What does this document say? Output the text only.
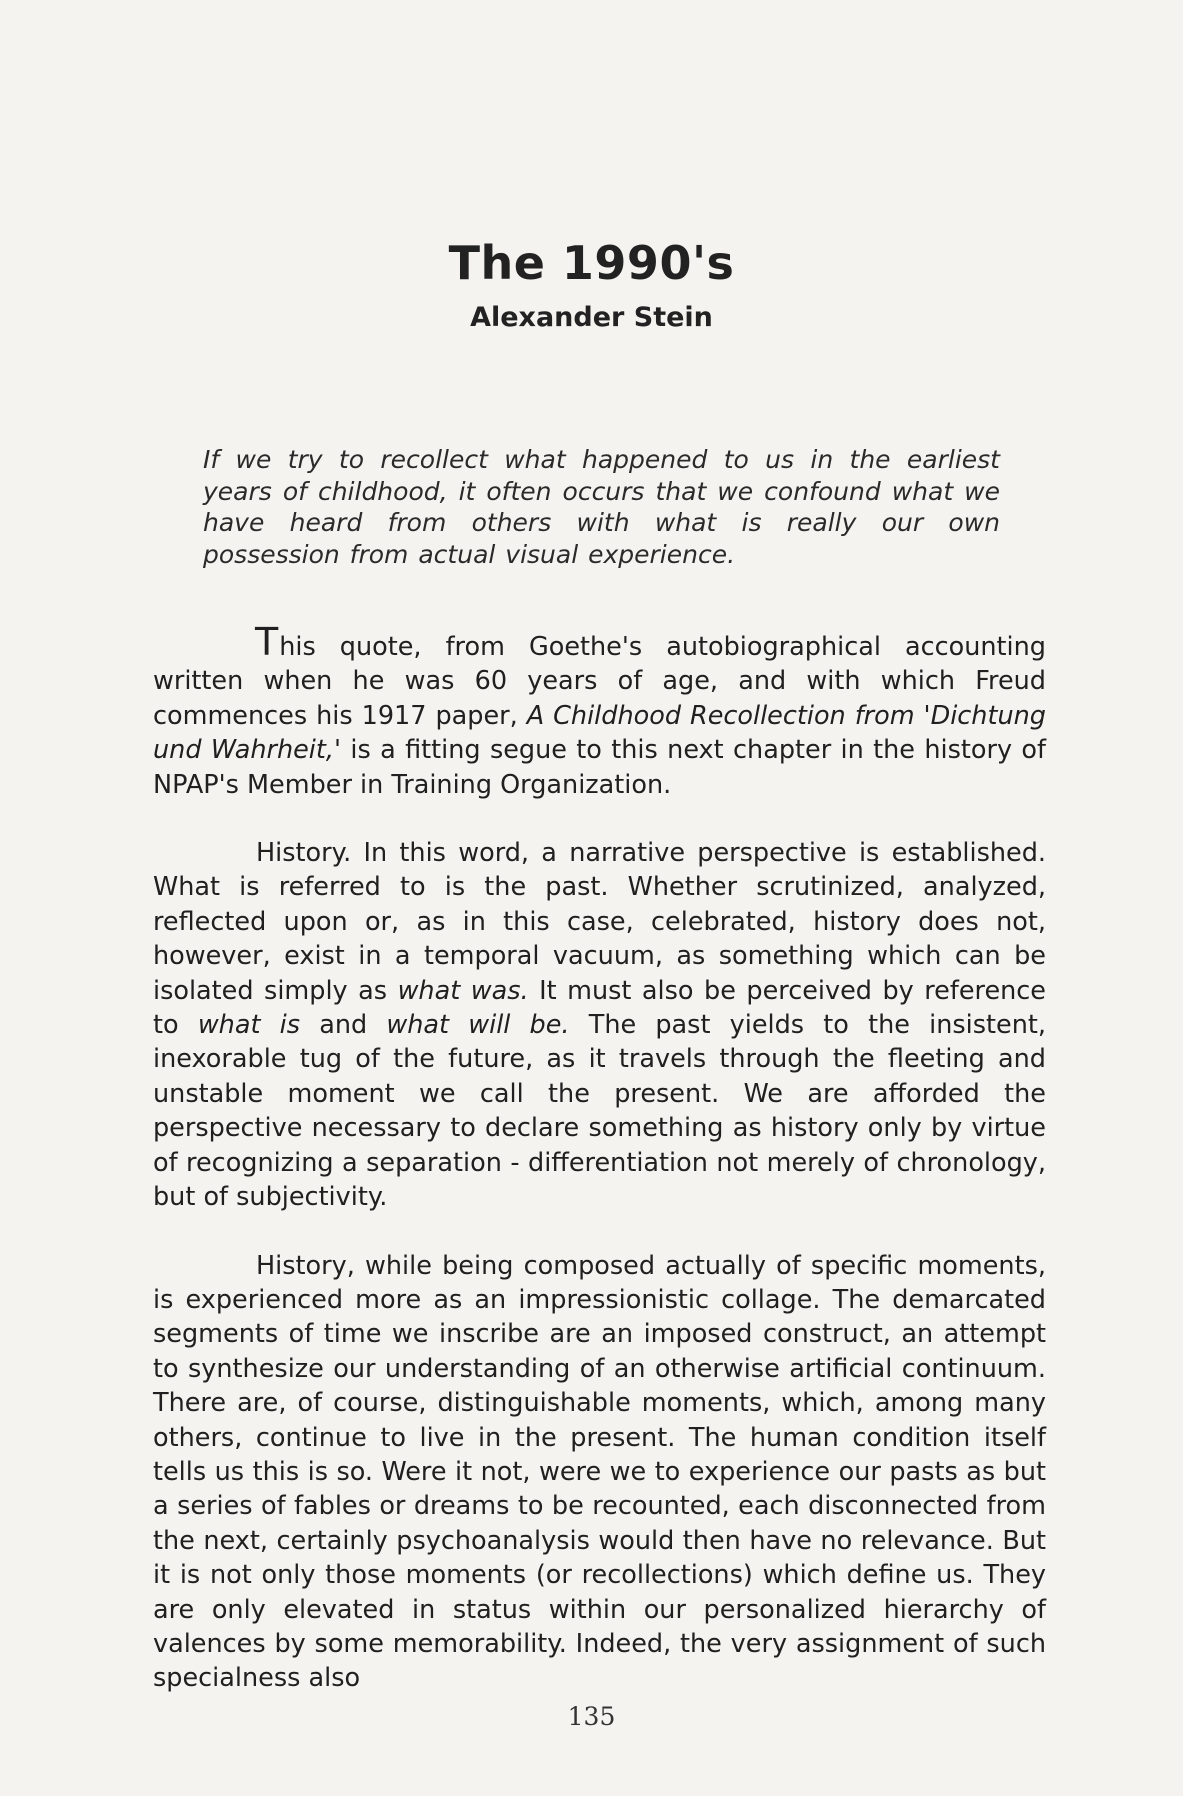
The 1990's
Alexander Stein
If we try to recollect what happened to us in the earliest years of childhood, it often occurs that we confound what we have heard from others with what is really our own possession from actual visual experience.

This quote, from Goethe's autobiographical accounting written when he was 60 years of age, and with which Freud commences his 1917 paper, A Childhood Recollection from 'Dichtung und Wahrheit,' is a fitting segue to this next chapter in the history of NPAP's Member in Training Organization.

History. In this word, a narrative perspective is established. What is referred to is the past. Whether scrutinized, analyzed, reflected upon or, as in this case, celebrated, history does not, however, exist in a temporal vacuum, as something which can be isolated simply as what was. It must also be perceived by reference to what is and what will be. The past yields to the insistent, inexorable tug of the future, as it travels through the fleeting and unstable moment we call the present. We are afforded the perspective necessary to declare something as history only by virtue of recognizing a separation - differentiation not merely of chronology, but of subjectivity.

History, while being composed actually of specific moments, is experienced more as an impressionistic collage. The demarcated segments of time we inscribe are an imposed construct, an attempt to synthesize our understanding of an otherwise artificial continuum. There are, of course, distinguishable moments, which, among many others, continue to live in the present. The human condition itself tells us this is so. Were it not, were we to experience our pasts as but a series of fables or dreams to be recounted, each disconnected from the next, certainly psychoanalysis would then have no relevance. But it is not only those moments (or recollections) which define us. They are only elevated in status within our personalized hierarchy of valences by some memorability. Indeed, the very assignment of such specialness also

135
